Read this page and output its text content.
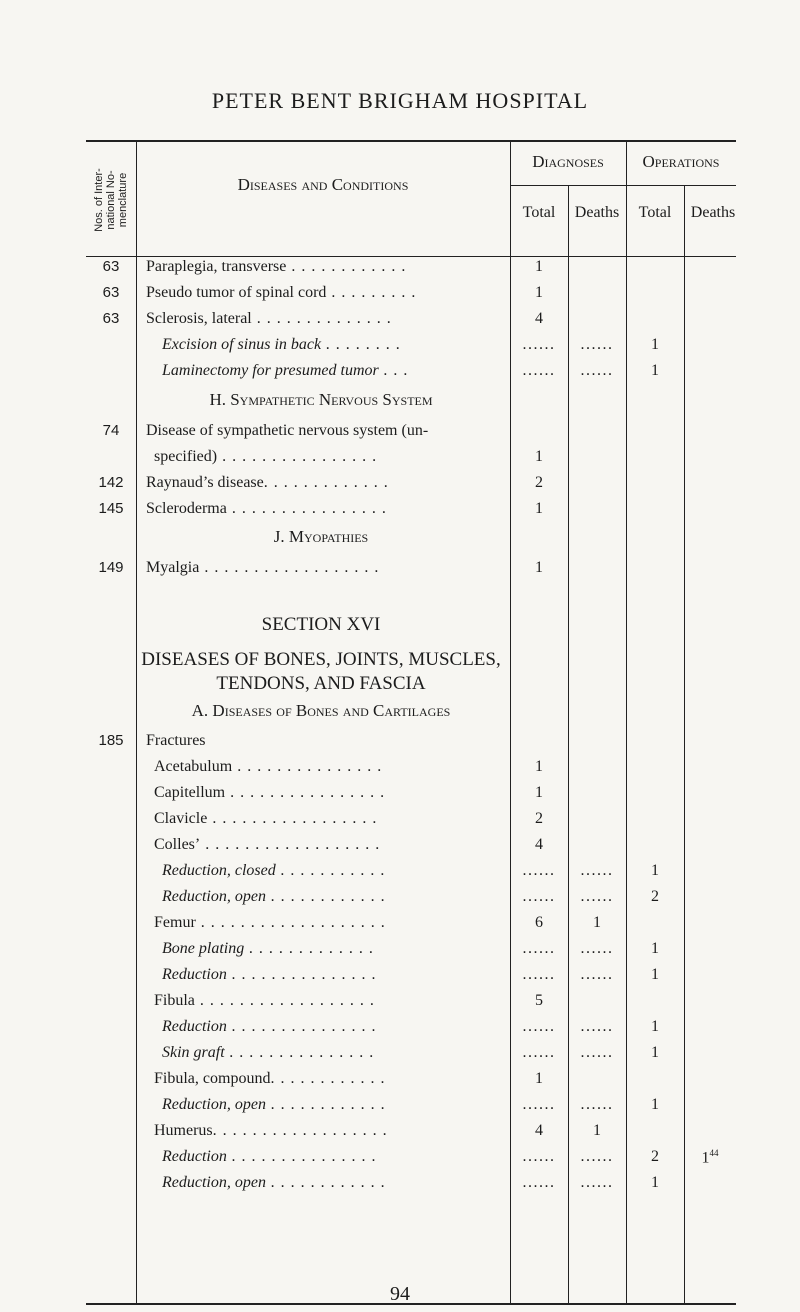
PETER BENT BRIGHAM HOSPITAL
Nos. of Inter-
national No-
menclature	Diseases and Conditions
Diagnoses	Operations
Total	Deaths	Total	Deaths
H. Sympathetic Nervous System
J. Myopathies
SECTION XVI
DISEASES OF BONES, JOINTS, MUSCLES,
TENDONS, AND FASCIA
A. Diseases of Bones and Cartilages
63	Paraplegia, transverse . . . . . . . . . . . .	1
63	Pseudo tumor of spinal cord . . . . . . . . .	1
63	Sclerosis, lateral . . . . . . . . . . . . . .	4
Excision of sinus in back . . . . . . . .	......	......	1
Laminectomy for presumed tumor . . .	......	......	1
74	Disease of sympathetic nervous system (un-
specified) . . . . . . . . . . . . . . . .	1
142	Raynaud’s disease. . . . . . . . . . . . .	2
145	Scleroderma . . . . . . . . . . . . . . . .	1
149	Myalgia . . . . . . . . . . . . . . . . . .	1
185	Fractures
Acetabulum . . . . . . . . . . . . . . .	1
Capitellum . . . . . . . . . . . . . . . .	1
Clavicle . . . . . . . . . . . . . . . . .	2
Colles’ . . . . . . . . . . . . . . . . . .	4
Reduction, closed . . . . . . . . . . .	......	......	1
Reduction, open . . . . . . . . . . . .	......	......	2
Femur . . . . . . . . . . . . . . . . . . .	6	1
Bone plating . . . . . . . . . . . . .	......	......	1
Reduction . . . . . . . . . . . . . . .	......	......	1
Fibula . . . . . . . . . . . . . . . . . .	5
Reduction . . . . . . . . . . . . . . .	......	......	1
Skin graft . . . . . . . . . . . . . . .	......	......	1
Fibula, compound. . . . . . . . . . . .	1
Reduction, open . . . . . . . . . . . .	......	......	1
Humerus. . . . . . . . . . . . . . . . . .	4	1
Reduction . . . . . . . . . . . . . . .	......	......	2	$1^{44}$
Reduction, open . . . . . . . . . . . .	......	......	1
94
